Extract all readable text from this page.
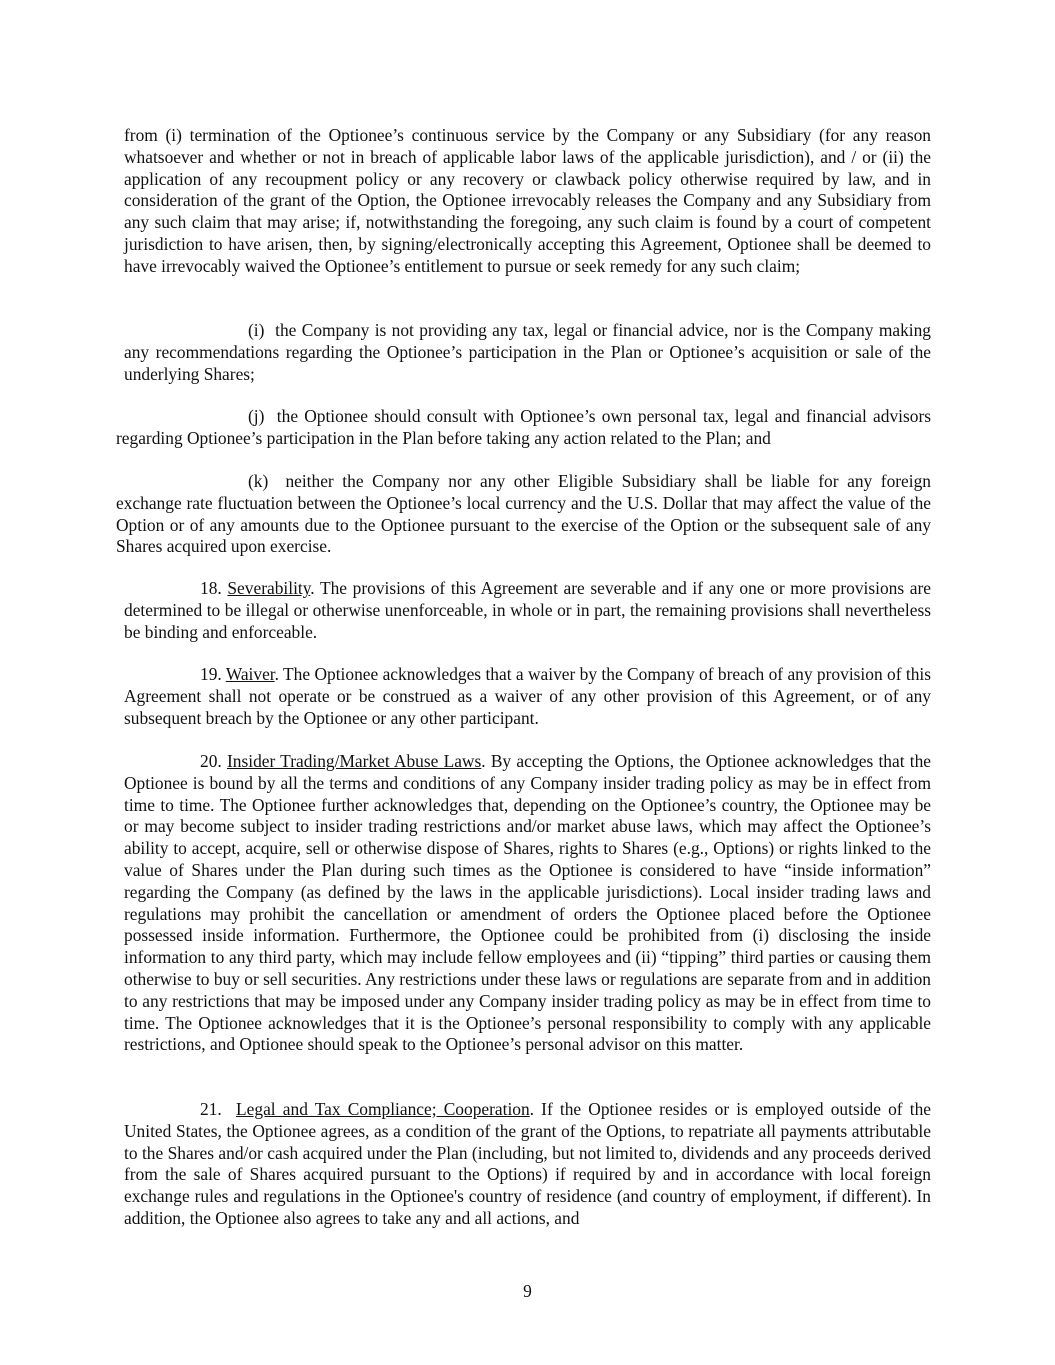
from (i) termination of the Optionee’s continuous service by the Company or any Subsidiary (for any reason whatsoever and whether or not in breach of applicable labor laws of the applicable jurisdiction), and / or (ii) the application of any recoupment policy or any recovery or clawback policy otherwise required by law, and in consideration of the grant of the Option, the Optionee irrevocably releases the Company and any Subsidiary from any such claim that may arise; if, notwithstanding the foregoing, any such claim is found by a court of competent jurisdiction to have arisen, then, by signing/electronically accepting this Agreement, Optionee shall be deemed to have irrevocably waived the Optionee’s entitlement to pursue or seek remedy for any such claim;

(i) the Company is not providing any tax, legal or financial advice, nor is the Company making any recommendations regarding the Optionee’s participation in the Plan or Optionee’s acquisition or sale of the underlying Shares;

(j) the Optionee should consult with Optionee’s own personal tax, legal and financial advisors regarding Optionee’s participation in the Plan before taking any action related to the Plan; and

(k) neither the Company nor any other Eligible Subsidiary shall be liable for any foreign exchange rate fluctuation between the Optionee’s local currency and the U.S. Dollar that may affect the value of the Option or of any amounts due to the Optionee pursuant to the exercise of the Option or the subsequent sale of any Shares acquired upon exercise.

18. Severability. The provisions of this Agreement are severable and if any one or more provisions are determined to be illegal or otherwise unenforceable, in whole or in part, the remaining provisions shall nevertheless be binding and enforceable.

19. Waiver. The Optionee acknowledges that a waiver by the Company of breach of any provision of this Agreement shall not operate or be construed as a waiver of any other provision of this Agreement, or of any subsequent breach by the Optionee or any other participant.

20. Insider Trading/Market Abuse Laws. By accepting the Options, the Optionee acknowledges that the Optionee is bound by all the terms and conditions of any Company insider trading policy as may be in effect from time to time. The Optionee further acknowledges that, depending on the Optionee’s country, the Optionee may be or may become subject to insider trading restrictions and/or market abuse laws, which may affect the Optionee’s ability to accept, acquire, sell or otherwise dispose of Shares, rights to Shares (e.g., Options) or rights linked to the value of Shares under the Plan during such times as the Optionee is considered to have “inside information” regarding the Company (as defined by the laws in the applicable jurisdictions). Local insider trading laws and regulations may prohibit the cancellation or amendment of orders the Optionee placed before the Optionee possessed inside information. Furthermore, the Optionee could be prohibited from (i) disclosing the inside information to any third party, which may include fellow employees and (ii) “tipping” third parties or causing them otherwise to buy or sell securities. Any restrictions under these laws or regulations are separate from and in addition to any restrictions that may be imposed under any Company insider trading policy as may be in effect from time to time. The Optionee acknowledges that it is the Optionee’s personal responsibility to comply with any applicable restrictions, and Optionee should speak to the Optionee’s personal advisor on this matter.

21. Legal and Tax Compliance; Cooperation. If the Optionee resides or is employed outside of the United States, the Optionee agrees, as a condition of the grant of the Options, to repatriate all payments attributable to the Shares and/or cash acquired under the Plan (including, but not limited to, dividends and any proceeds derived from the sale of Shares acquired pursuant to the Options) if required by and in accordance with local foreign exchange rules and regulations in the Optionee's country of residence (and country of employment, if different). In addition, the Optionee also agrees to take any and all actions, and

9
